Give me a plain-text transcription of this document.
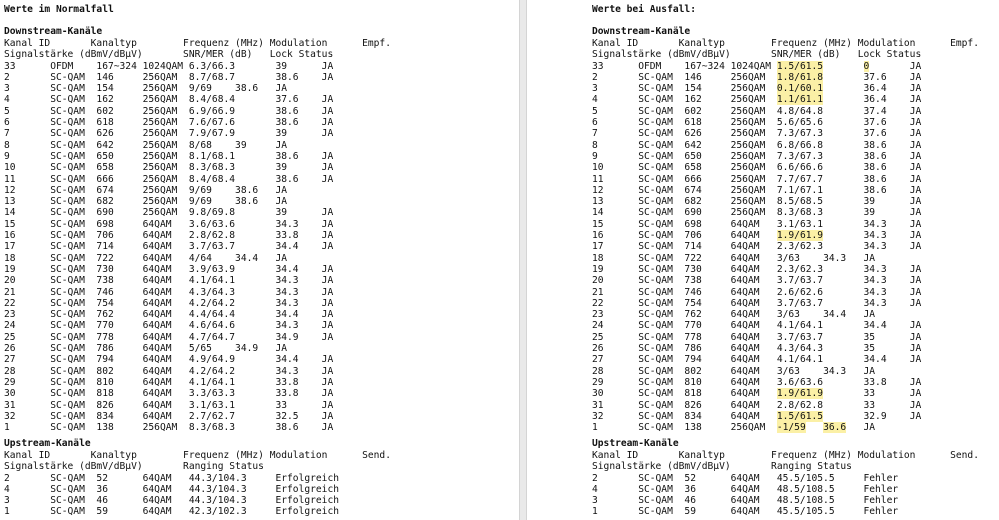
Werte im Normalfall
Downstream-Kanäle
Kanal ID       Kanaltyp        Frequenz (MHz) Modulation      Empf.
Signalstärke (dBmV/dBµV)       SNR/MER (dB)   Lock Status
33      OFDM    167~324 1024QAM 6.3/66.3       39      JA
2       SC-QAM  146     256QAM  8.7/68.7       38.6    JA
3       SC-QAM  154     256QAM  9/69    38.6   JA
4       SC-QAM  162     256QAM  8.4/68.4       37.6    JA
5       SC-QAM  602     256QAM  6.9/66.9       38.6    JA
6       SC-QAM  618     256QAM  7.6/67.6       38.6    JA
7       SC-QAM  626     256QAM  7.9/67.9       39      JA
8       SC-QAM  642     256QAM  8/68    39     JA
9       SC-QAM  650     256QAM  8.1/68.1       38.6    JA
10      SC-QAM  658     256QAM  8.3/68.3       39      JA
11      SC-QAM  666     256QAM  8.4/68.4       38.6    JA
12      SC-QAM  674     256QAM  9/69    38.6   JA
13      SC-QAM  682     256QAM  9/69    38.6   JA
14      SC-QAM  690     256QAM  9.8/69.8       39      JA
15      SC-QAM  698     64QAM   3.6/63.6       34.3    JA
16      SC-QAM  706     64QAM   2.8/62.8       33.8    JA
17      SC-QAM  714     64QAM   3.7/63.7       34.4    JA
18      SC-QAM  722     64QAM   4/64    34.4   JA
19      SC-QAM  730     64QAM   3.9/63.9       34.4    JA
20      SC-QAM  738     64QAM   4.1/64.1       34.3    JA
21      SC-QAM  746     64QAM   4.3/64.3       34.3    JA
22      SC-QAM  754     64QAM   4.2/64.2       34.3    JA
23      SC-QAM  762     64QAM   4.4/64.4       34.4    JA
24      SC-QAM  770     64QAM   4.6/64.6       34.3    JA
25      SC-QAM  778     64QAM   4.7/64.7       34.9    JA
26      SC-QAM  786     64QAM   5/65    34.9   JA
27      SC-QAM  794     64QAM   4.9/64.9       34.4    JA
28      SC-QAM  802     64QAM   4.2/64.2       34.3    JA
29      SC-QAM  810     64QAM   4.1/64.1       33.8    JA
30      SC-QAM  818     64QAM   3.3/63.3       33.8    JA
31      SC-QAM  826     64QAM   3.1/63.1       33      JA
32      SC-QAM  834     64QAM   2.7/62.7       32.5    JA
1       SC-QAM  138     256QAM  8.3/68.3       38.6    JA

Upstream-Kanäle
Kanal ID       Kanaltyp        Frequenz (MHz) Modulation      Send.
Signalstärke (dBmV/dBµV)       Ranging Status
2       SC-QAM  52      64QAM   44.3/104.3     Erfolgreich
4       SC-QAM  36      64QAM   44.3/104.3     Erfolgreich
3       SC-QAM  46      64QAM   44.3/104.3     Erfolgreich
1       SC-QAM  59      64QAM   42.3/102.3     Erfolgreich

Werte bei Ausfall:
Downstream-Kanäle
Kanal ID       Kanaltyp        Frequenz (MHz) Modulation      Empf.
Signalstärke (dBmV/dBµV)       SNR/MER (dB)   Lock Status
33      OFDM    167~324 1024QAM 1.5/61.5	0       JA
2       SC-QAM  146     256QAM  1.8/61.8	37.6    JA
3       SC-QAM  154     256QAM  0.1/60.1	36.4    JA
4       SC-QAM  162     256QAM  1.1/61.1	36.4    JA
5       SC-QAM  602     256QAM  4.8/64.8	37.4    JA
6       SC-QAM  618     256QAM  5.6/65.6	37.6    JA
7       SC-QAM  626     256QAM  7.3/67.3	37.6    JA
8       SC-QAM  642     256QAM  6.8/66.8	38.6    JA
9       SC-QAM  650     256QAM  7.3/67.3	38.6    JA
10      SC-QAM  658     256QAM  6.6/66.6	38.6    JA
11      SC-QAM  666     256QAM  7.7/67.7	38.6    JA
12      SC-QAM  674     256QAM  7.1/67.1	38.6    JA
13      SC-QAM  682     256QAM  8.5/68.5	39      JA
14      SC-QAM  690     256QAM  8.3/68.3	39      JA
15      SC-QAM  698     64QAM   3.1/63.1	34.3    JA
16      SC-QAM  706     64QAM   1.9/61.9	34.3    JA
17      SC-QAM  714     64QAM   2.3/62.3	34.3    JA
18      SC-QAM  722     64QAM   3/63 34.3   JA
19      SC-QAM  730     64QAM   2.3/62.3	34.3    JA
20      SC-QAM  738     64QAM   3.7/63.7	34.3    JA
21      SC-QAM  746     64QAM   2.6/62.6	34.3    JA
22      SC-QAM  754     64QAM   3.7/63.7	34.3    JA
23      SC-QAM  762     64QAM   3/63 34.4   JA
24      SC-QAM  770     64QAM   4.1/64.1	34.4    JA
25      SC-QAM  778     64QAM   3.7/63.7	35      JA
26      SC-QAM  786     64QAM   4.3/64.3	35      JA
27      SC-QAM  794     64QAM   4.1/64.1	34.4    JA
28      SC-QAM  802     64QAM   3/63 34.3   JA
29      SC-QAM  810     64QAM   3.6/63.6	33.8    JA
30      SC-QAM  818     64QAM   1.9/61.9	33      JA
31      SC-QAM  826     64QAM   2.8/62.8	33      JA
32      SC-QAM  834     64QAM   1.5/61.5	32.9    JA
1       SC-QAM  138     256QAM  -1/59 36.6   JA

Upstream-Kanäle
Kanal ID       Kanaltyp        Frequenz (MHz) Modulation      Send.
Signalstärke (dBmV/dBµV)       Ranging Status
2       SC-QAM  52      64QAM   45.5/105.5     Fehler
4       SC-QAM  36      64QAM   48.5/108.5     Fehler
3       SC-QAM  46      64QAM   48.5/108.5     Fehler
1       SC-QAM  59      64QAM   45.5/105.5     Fehler
